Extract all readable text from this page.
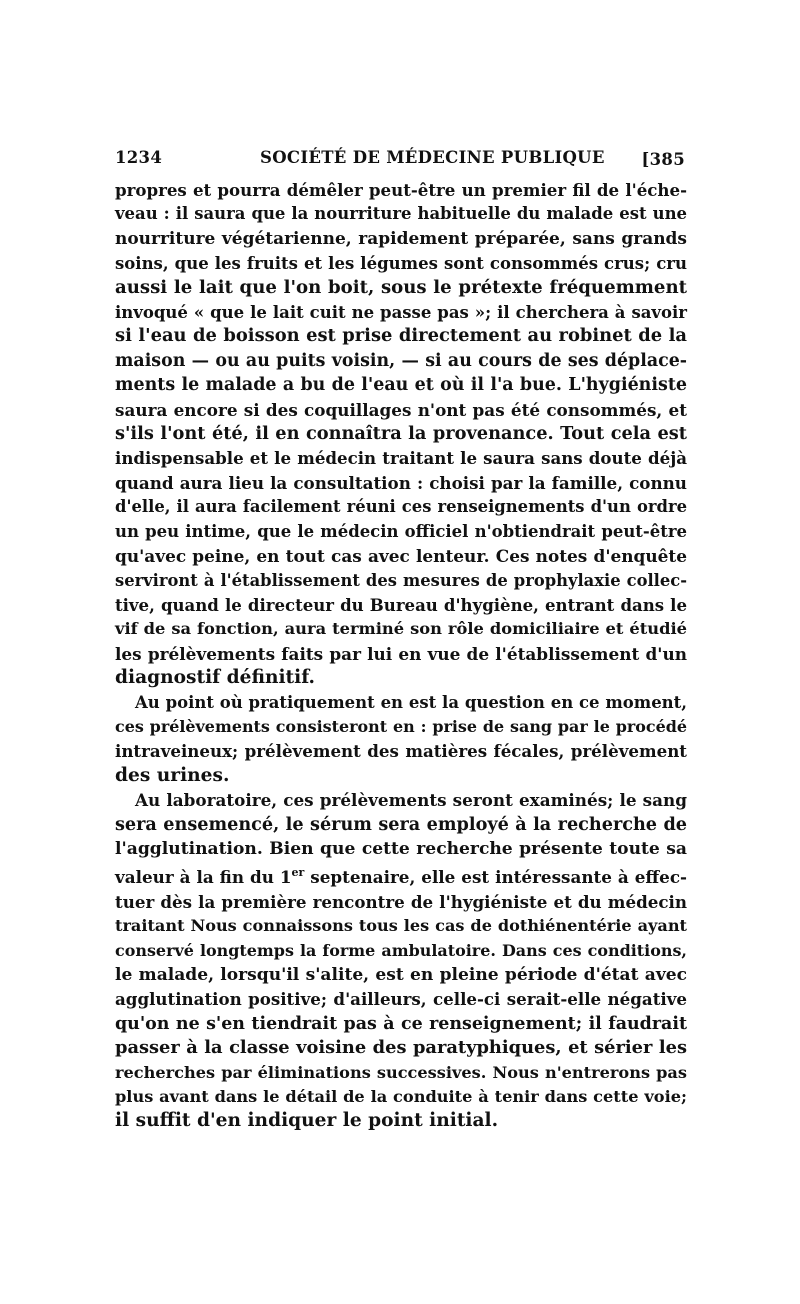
1234	SOCIÉTÉ DE MÉDECINE PUBLIQUE [385
propres et pourra démêler peut-être un premier fil de l'éche-
veau : il saura que la nourriture habituelle du malade est une
nourriture végétarienne, rapidement préparée, sans grands
soins, que les fruits et les légumes sont consommés crus; cru
aussi le lait que l'on boit, sous le prétexte fréquemment
invoqué « que le lait cuit ne passe pas »; il cherchera à savoir
si l'eau de boisson est prise directement au robinet de la
maison — ou au puits voisin, — si au cours de ses déplace-
ments le malade a bu de l'eau et où il l'a bue. L'hygiéniste
saura encore si des coquillages n'ont pas été consommés, et
s'ils l'ont été, il en connaîtra la provenance. Tout cela est
indispensable et le médecin traitant le saura sans doute déjà
quand aura lieu la consultation : choisi par la famille, connu
d'elle, il aura facilement réuni ces renseignements d'un ordre
un peu intime, que le médecin officiel n'obtiendrait peut-être
qu'avec peine, en tout cas avec lenteur. Ces notes d'enquête
serviront à l'établissement des mesures de prophylaxie collec-
tive, quand le directeur du Bureau d'hygiène, entrant dans le
vif de sa fonction, aura terminé son rôle domiciliaire et étudié
les prélèvements faits par lui en vue de l'établissement d'un
diagnostif définitif.
Au point où pratiquement en est la question en ce moment,
ces prélèvements consisteront en : prise de sang par le procédé
intraveineux; prélèvement des matières fécales, prélèvement
des urines.
Au laboratoire, ces prélèvements seront examinés; le sang
sera ensemencé, le sérum sera employé à la recherche de
l'agglutination. Bien que cette recherche présente toute sa
valeur à la fin du 1er septenaire, elle est intéressante à effec-
tuer dès la première rencontre de l'hygiéniste et du médecin
traitant Nous connaissons tous les cas de dothiénentérie ayant
conservé longtemps la forme ambulatoire. Dans ces conditions,
le malade, lorsqu'il s'alite, est en pleine période d'état avec
agglutination positive; d'ailleurs, celle-ci serait-elle négative
qu'on ne s'en tiendrait pas à ce renseignement; il faudrait
passer à la classe voisine des paratyphiques, et sérier les
recherches par éliminations successives. Nous n'entrerons pas
plus avant dans le détail de la conduite à tenir dans cette voie;
il suffit d'en indiquer le point initial.
